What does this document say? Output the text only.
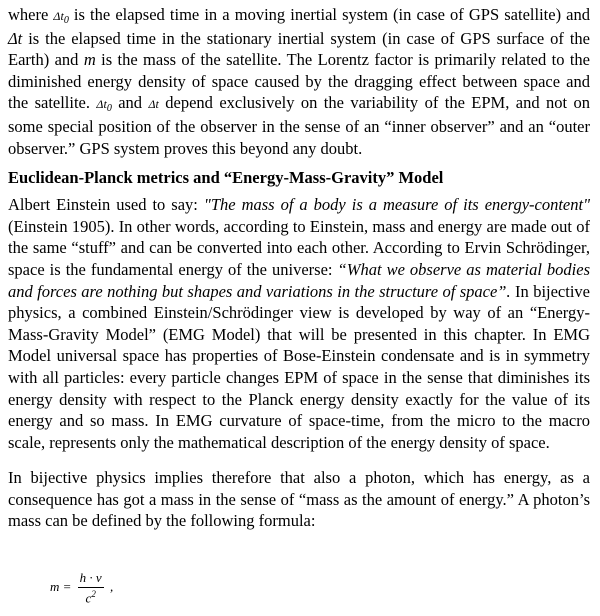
where $\Delta t_0$ is the elapsed time in a moving inertial system (in case of GPS satellite) and Δt is the elapsed time in the stationary inertial system (in case of GPS surface of the Earth) and m is the mass of the satellite. The Lorentz factor is primarily related to the diminished energy density of space caused by the dragging effect between space and the satellite. $\Delta t_0$ and Δt depend exclusively on the variability of the EPM, and not on some special position of the observer in the sense of an “inner observer” and an “outer observer.” GPS system proves this beyond any doubt.

Euclidean-Planck metrics and “Energy-Mass-Gravity” Model

Albert Einstein used to say: "The mass of a body is a measure of its energy-content" (Einstein 1905). In other words, according to Einstein, mass and energy are made out of the same “stuff” and can be converted into each other. According to Ervin Schrödinger, space is the fundamental energy of the universe: “What we observe as material bodies and forces are nothing but shapes and variations in the structure of space”. In bijective physics, a combined Einstein/Schrödinger view is developed by way of an “Energy-Mass-Gravity Model” (EMG Model) that will be presented in this chapter. In EMG Model universal space has properties of Bose-Einstein condensate and is in symmetry with all particles: every particle changes EPM of space in the sense that diminishes its energy density with respect to the Planck energy density exactly for the value of its energy and so mass. In EMG curvature of space-time, from the micro to the macro scale, represents only the mathematical description of the energy density of space.

In bijective physics implies therefore that also a photon, which has energy, as a consequence has got a mass in the sense of “mass as the amount of energy.” A photon’s mass can be defined by the following formula:

$m = \frac{h \cdot v}{c^2}$ ,
